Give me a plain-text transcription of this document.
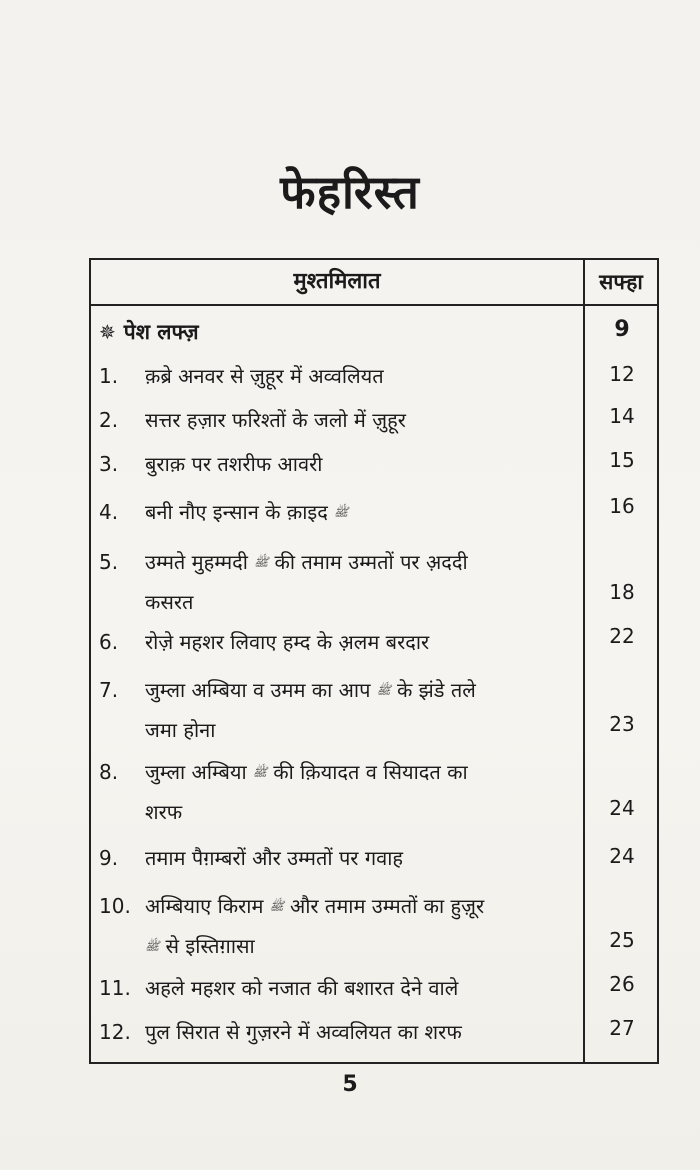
फेहरिस्त
मुश्तमिलात	सफ्हा
✵ पेश लफ्ज़	9
1. क़ब्रे अनवर से ज़ुहूर में अव्वलियत	12
2. सत्तर हज़ार फरिश्तों के जलो में ज़ुहूर	14
3. बुराक़ पर तशरीफ आवरी	15
4. बनी नौए इन्सान के क़ाइद ﷺ	16
5. उम्मते मुहम्मदी ﷺ की तमाम उम्मतों पर अ़ददी
कसरत	18
6. रोज़े महशर लिवाए हम्द के अ़लम बरदार	22
7. जुम्ला अम्बिया व उमम का आप ﷺ के झंडे तले
जमा होना	23
8. जुम्ला अम्बिया ﷺ की क़ियादत व सियादत का
शरफ	24
9. तमाम पैग़म्बरों और उम्मतों पर गवाह	24
10. अम्बियाए किराम ﷺ और तमाम उम्मतों का हुज़ूर
ﷺ से इस्तिग़ासा	25
11. अहले महशर को नजात की बशारत देने वाले	26
12. पुल सिरात से गुज़रने में अव्वलियत का शरफ	27
5
